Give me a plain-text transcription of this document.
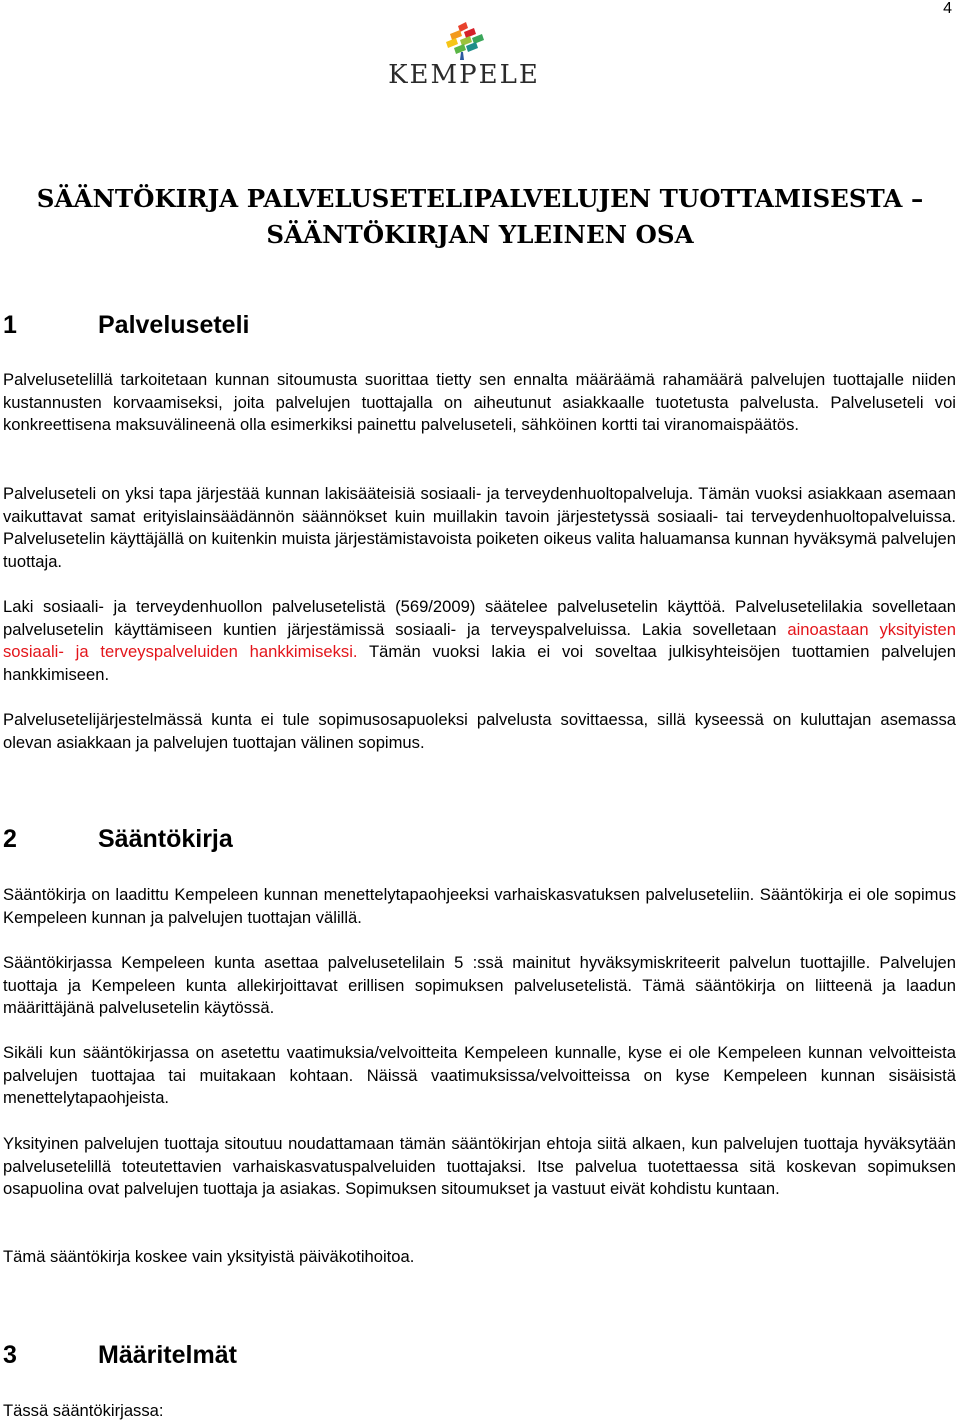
4
KEMPELE
SÄÄNTÖKIRJA PALVELUSETELIPALVELUJEN TUOTTAMISESTA –
SÄÄNTÖKIRJAN YLEINEN OSA
1	Palveluseteli

Palvelusetelillä tarkoitetaan kunnan sitoumusta suorittaa tietty sen ennalta määräämä rahamäärä palvelujen tuottajalle niiden kustannusten korvaamiseksi, joita palvelujen tuottajalla on aiheutunut asiakkaalle tuotetusta palvelusta. Palveluseteli voi konkreettisena maksuvälineenä olla esimerkiksi painettu palveluseteli, sähköinen kortti tai viranomaispäätös.

Palveluseteli on yksi tapa järjestää kunnan lakisääteisiä sosiaali- ja terveydenhuoltopalveluja. Tämän vuoksi asiakkaan asemaan vaikuttavat samat erityislainsäädännön säännökset kuin muillakin tavoin järjestetyssä sosiaali- tai terveydenhuoltopalveluissa. Palvelusetelin käyttäjällä on kuitenkin muista järjestämistavoista poiketen oikeus valita haluamansa kunnan hyväksymä palvelujen tuottaja.

Laki sosiaali- ja terveydenhuollon palvelusetelistä (569/2009) säätelee palvelusetelin käyttöä. Palvelusetelilakia sovelletaan palvelusetelin käyttämiseen kuntien järjestämissä sosiaali- ja terveyspalveluissa. Lakia sovelletaan ainoastaan yksityisten sosiaali- ja terveyspalveluiden hankkimiseksi. Tämän vuoksi lakia ei voi soveltaa julkisyhteisöjen tuottamien palvelujen hankkimiseen.

Palvelusetelijärjestelmässä kunta ei tule sopimusosapuoleksi palvelusta sovittaessa, sillä kyseessä on kuluttajan asemassa olevan asiakkaan ja palvelujen tuottajan välinen sopimus.

2	Sääntökirja

Sääntökirja on laadittu Kempeleen kunnan menettelytapaohjeeksi varhaiskasvatuksen palveluseteliin. Sääntökirja ei ole sopimus Kempeleen kunnan ja palvelujen tuottajan välillä.

Sääntökirjassa Kempeleen kunta asettaa palvelusetelilain 5 :ssä mainitut hyväksymiskriteerit palvelun tuottajille. Palvelujen tuottaja ja Kempeleen kunta allekirjoittavat erillisen sopimuksen palvelusetelistä. Tämä sääntökirja on liitteenä ja laadun määrittäjänä palvelusetelin käytössä.

Sikäli kun sääntökirjassa on asetettu vaatimuksia/velvoitteita Kempeleen kunnalle, kyse ei ole Kempeleen kunnan velvoitteista palvelujen tuottajaa tai muitakaan kohtaan. Näissä vaatimuksissa/velvoitteissa on kyse Kempeleen kunnan sisäisistä menettelytapaohjeista.

Yksityinen palvelujen tuottaja sitoutuu noudattamaan tämän sääntökirjan ehtoja siitä alkaen, kun palvelujen tuottaja hyväksytään palvelusetelillä toteutettavien varhaiskasvatuspalveluiden tuottajaksi. Itse palvelua tuotettaessa sitä koskevan sopimuksen osapuolina ovat palvelujen tuottaja ja asiakas. Sopimuksen sitoumukset ja vastuut eivät kohdistu kuntaan.

Tämä sääntökirja koskee vain yksityistä päiväkotihoitoa.

3	Määritelmät

Tässä sääntökirjassa:
